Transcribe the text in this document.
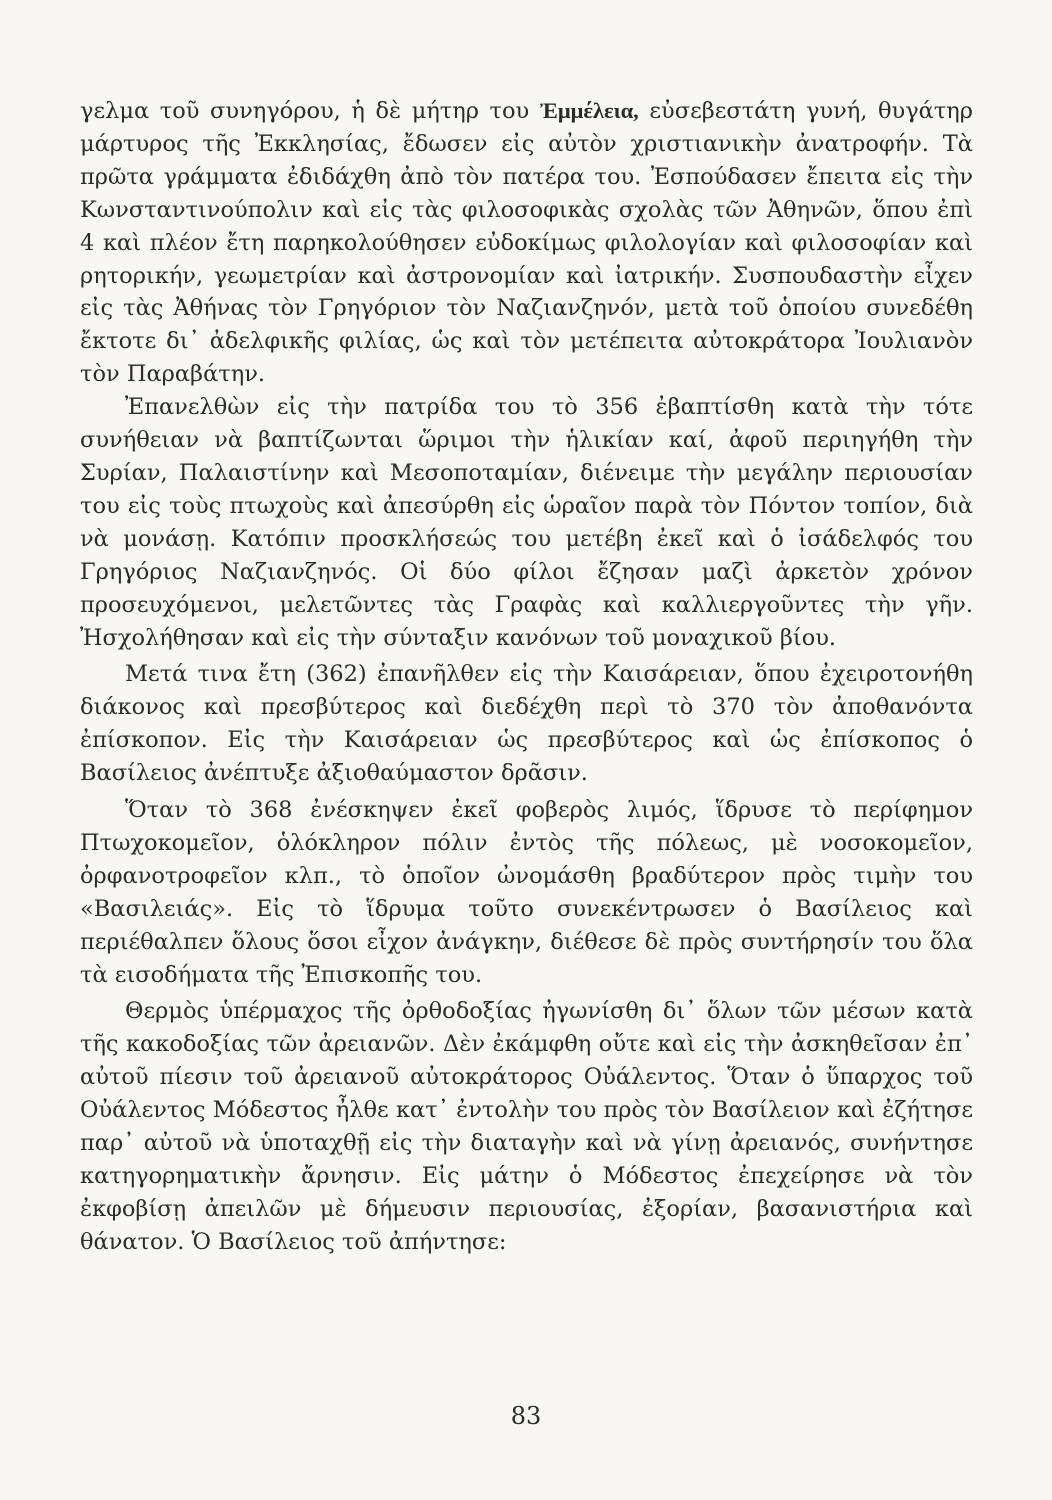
γελμα τοῦ συνηγόρου, ἡ δὲ μήτηρ του Ἐμμέλεια, εὐσεβεστάτη γυνή, θυγάτηρ μάρτυρος τῆς Ἐκκλησίας, ἔδωσεν εἰς αὐτὸν χριστιανικὴν ἀνατροφήν. Τὰ πρῶτα γράμματα ἐδιδάχθη ἀπὸ τὸν πατέρα του. Ἐσπούδασεν ἔπειτα εἰς τὴν Κωνσταντινούπολιν καὶ εἰς τὰς φιλοσοφικὰς σχολὰς τῶν Ἀθηνῶν, ὅπου ἐπὶ 4 καὶ πλέον ἔτη παρηκολούθησεν εὐδοκίμως φιλολογίαν καὶ φιλοσοφίαν καὶ ρητορικήν, γεωμετρίαν καὶ ἀστρονομίαν καὶ ἰατρικήν. Συσπουδαστὴν εἶχεν εἰς τὰς Ἀθήνας τὸν Γρηγόριον τὸν Ναζιανζηνόν, μετὰ τοῦ ὁποίου συνεδέθη ἔκτοτε δι᾽ ἀδελφικῆς φιλίας, ὡς καὶ τὸν μετέπειτα αὐτοκράτορα Ἰουλιανὸν τὸν Παραβάτην.

Ἐπανελθὼν εἰς τὴν πατρίδα του τὸ 356 ἐβαπτίσθη κατὰ τὴν τότε συνήθειαν νὰ βαπτίζωνται ὥριμοι τὴν ἡλικίαν καί, ἀφοῦ περιηγήθη τὴν Συρίαν, Παλαιστίνην καὶ Μεσοποταμίαν, διένειμε τὴν μεγάλην περιουσίαν του εἰς τοὺς πτωχοὺς καὶ ἀπεσύρθη εἰς ὡραῖον παρὰ τὸν Πόντον τοπίον, διὰ νὰ μονάσῃ. Κατόπιν προσκλήσεώς του μετέβη ἐκεῖ καὶ ὁ ἰσάδελφός του Γρηγόριος Ναζιανζηνός. Οἱ δύο φίλοι ἔζησαν μαζὶ ἀρκετὸν χρόνον προσευχόμενοι, μελετῶντες τὰς Γραφὰς καὶ καλλιεργοῦντες τὴν γῆν. Ἠσχολήθησαν καὶ εἰς τὴν σύνταξιν κανόνων τοῦ μοναχικοῦ βίου.

Μετά τινα ἔτη (362) ἐπανῆλθεν εἰς τὴν Καισάρειαν, ὅπου ἐχειροτονήθη διάκονος καὶ πρεσβύτερος καὶ διεδέχθη περὶ τὸ 370 τὸν ἀποθανόντα ἐπίσκοπον. Εἰς τὴν Καισάρειαν ὡς πρεσβύτερος καὶ ὡς ἐπίσκοπος ὁ Βασίλειος ἀνέπτυξε ἀξιοθαύμαστον δρᾶσιν.

Ὅταν τὸ 368 ἐνέσκηψεν ἐκεῖ φοβερὸς λιμός, ἵδρυσε τὸ περίφημον Πτωχοκομεῖον, ὁλόκληρον πόλιν ἐντὸς τῆς πόλεως, μὲ νοσοκομεῖον, ὀρφανοτροφεῖον κλπ., τὸ ὁποῖον ὠνομάσθη βραδύτερον πρὸς τιμὴν του «Βασιλειάς». Εἰς τὸ ἵδρυμα τοῦτο συνεκέντρωσεν ὁ Βασίλειος καὶ περιέθαλπεν ὅλους ὅσοι εἶχον ἀνάγκην, διέθεσε δὲ πρὸς συντήρησίν του ὅλα τὰ εισοδήματα τῆς Ἐπισκοπῆς του.

Θερμὸς ὑπέρμαχος τῆς ὀρθοδοξίας ἠγωνίσθη δι᾽ ὅλων τῶν μέσων κατὰ τῆς κακοδοξίας τῶν ἀρειανῶν. Δὲν ἐκάμφθη οὔτε καὶ εἰς τὴν ἀσκηθεῖσαν ἐπ᾽ αὐτοῦ πίεσιν τοῦ ἀρειανοῦ αὐτοκράτορος Οὐάλεντος. Ὅταν ὁ ὕπαρχος τοῦ Οὐάλεντος Μόδεστος ἦλθε κατ᾽ ἐντολὴν του πρὸς τὸν Βασίλειον καὶ ἐζήτησε παρ᾽ αὐτοῦ νὰ ὑποταχθῇ εἰς τὴν διαταγὴν καὶ νὰ γίνῃ ἀρειανός, συνήντησε κατηγορηματικὴν ἄρνησιν. Εἰς μάτην ὁ Μόδεστος ἐπεχείρησε νὰ τὸν ἐκφοβίσῃ ἀπειλῶν μὲ δήμευσιν περιουσίας, ἐξορίαν, βασανιστήρια καὶ θάνατον. Ὁ Βασίλειος τοῦ ἀπήντησε:

83
